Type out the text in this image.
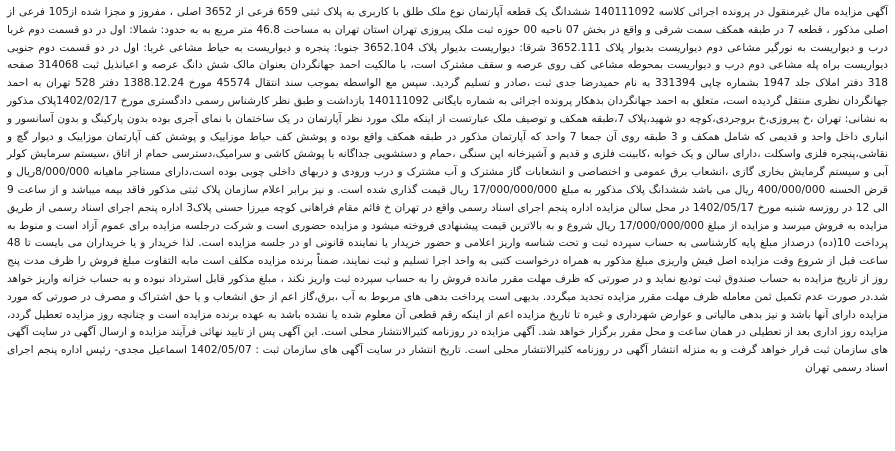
آگهی مزایده مال غیرمنقول در پرونده اجرائی کلاسه 140111092 ششدانگ یک قطعه آپارتمان نوع ملک طلق با کاربری به پلاک ثبتی 659 فرعی از 3652 اصلی ، مفروز و مجزا شده از105 فرعی از اصلی مذکور ، قطعه 7 در طبقه همکف سمت شرقی و واقع در بخش 07 ناحیه 00 حوزه ثبت ملک پیروزی تهران استان تهران به مساحت 46.8 متر مربع به به حدود: شمالا: اول در دو قسمت دوم غربا درب و دیواریست به نورگیر مشاعی دوم دیواریست بدیوار پلاک 3652.111 شرقا: دیواریست بدیوار پلاک 3652.104 جنوبا: پنجره و دیواریست به حیاط مشاعی غربا: اول در دو قسمت دوم جنوبی دیواریست براه پله مشاعی دوم درب و دیواریست بمحوطه مشاعی کف روی عرصه و سقف مشترک است، با مالکیت احمد جهانگردان بعنوان مالک شش دانگ عرصه و اعیانذیل ثبت 314068 صفحه 318 دفتر املاک جلد 1947 بشماره چاپی 331394 به نام حمیدرضا جدی ثبت ،صادر و تسلیم گردید. سپس مع الواسطه بموجب سند انتقال 45574 مورخ 1388.12.24 دفتر 528 تهران به احمد جهانگردان نظری منتقل گردیده است، متعلق به احمد جهانگردان بدهکار پرونده اجرائی به شماره بایگانی 140111092 بازداشت و طبق نظر کارشناس رسمی دادگستری مورخ 1402/02/17پلاک مذکور به نشانی: تهران ،خ پیروزی،خ بروجردی،کوچه دو شهید،پلاک 7،طبقه همکف و توصیف ملک عبارتست از اینکه ملک مورد نظر آپارتمان در یک ساختمان با نمای آجری بوده بدون پارکینگ و بدون آسانسور و انباری داخل واحد و قدیمی که شامل همکف و 3 طبقه روی آن جمعا 7 واحد که آپارتمان مذکور در طبقه همکف واقع بوده و پوشش کف حیاط موزاییک و پوشش کف آپارتمان موزاییک و دیوار گچ و نقاشی،پنجره فلزی واسکلت ،دارای سالن و یک خوابه ،کابینت فلزی و قدیم و آشپزخانه اپن سنگی ،حمام و دستشویی جداگانه با پوشش کاشی و سرامیک،دسترسی حمام از اتاق ،سیستم سرمایش کولر آبی و سیستم گرمایش بخاری گازی ،انشعاب برق عمومی و اختصاصی و انشعابات گاز مشترک و آب مشترک و درب ورودی و دربهای داخلی چوبی بوده است،دارای مستاجر ماهیانه 8/000/000ریال و قرض الحسنه 400/000/000 ریال می باشد ششدانگ پلاک مذکور به مبلغ 17/000/000/000 ریال قیمت گذاری شده است. و نیز برابر اعلام سازمان پلاک ثبتی مذکور فاقد بیمه میباشد و از ساعت 9 الی 12 در روزسه شنبه مورخ 1402/05/17 در محل سالن مزایده اداره پنجم اجرای اسناد رسمی واقع در تهران خ قائم مقام فراهانی کوچه میرزا حسنی پلاک3 اداره پنجم اجرای اسناد رسمی از طریق مزایده به فروش میرسد و مزایده از مبلغ 17/000/000/000 ریال شروع و به بالاترین قیمت پیشنهادی فروخته میشود و مزایده حضوری است و شرکت درجلسه مزایده برای عموم آزاد است و منوط به پرداخت 10(ده) درصداز مبلغ پایه کارشناسی به حساب سپرده ثبت و تحت شناسه واریز اعلامی و حضور خریدار یا نماینده قانونی او در جلسه مزایده است. لذا خریدار و یا خریداران می بایست تا 48 ساعت قبل از شروع وقت مزایده اصل فیش واریزی مبلغ مذکور به همراه درخواست کتبی به واحد اجرا تسلیم و ثبت نمایند، ضمناً برنده مزایده مکلف است مابه التفاوت مبلغ فروش را ظرف مدت پنج روز از تاریخ مزایده به حساب صندوق ثبت تودیع نماید و در صورتی که ظرف مهلت مقرر مانده فروش را به حساب سپرده ثبت واریز نکند ، مبلغ مذکور قابل استرداد نبوده و به حساب خزانه واریز خواهد شد.در صورت عدم تکمیل ثمن معامله ظرف مهلت مقرر مزایده تجدید میگردد. بدیهی است پرداخت بدهی های مربوط به آب ،برق،گاز اعم از حق انشعاب و یا حق اشتراک و مصرف در صورتی که مورد مزایده دارای آنها باشد و نیز بدهی مالیاتی و عوارض شهرداری و غیره تا تاریخ مزایده اعم از اینکه رقم قطعی آن معلوم شده یا نشده باشد به عهده برنده مزایده است و چنانچه روز مزایده تعطیل گردد، مزایده روز اداری بعد از تعطیلی در همان ساعت و محل مقرر برگزار خواهد شد. آگهی مزایده در روزنامه کثیرالانتشار محلی است. این آگهی پس از تایید نهائی فرآیند مزایده و ارسال آگهی در سایت آگهی های سازمان ثبت قرار خواهد گرفت و به منزله انتشار آگهی در روزنامه کثیرالانتشار محلی است. تاریخ انتشار در سایت آگهی های سازمان ثبت : 1402/05/07 اسماعیل مجدی- رئیس اداره پنجم اجرای اسناد رسمی تهران
